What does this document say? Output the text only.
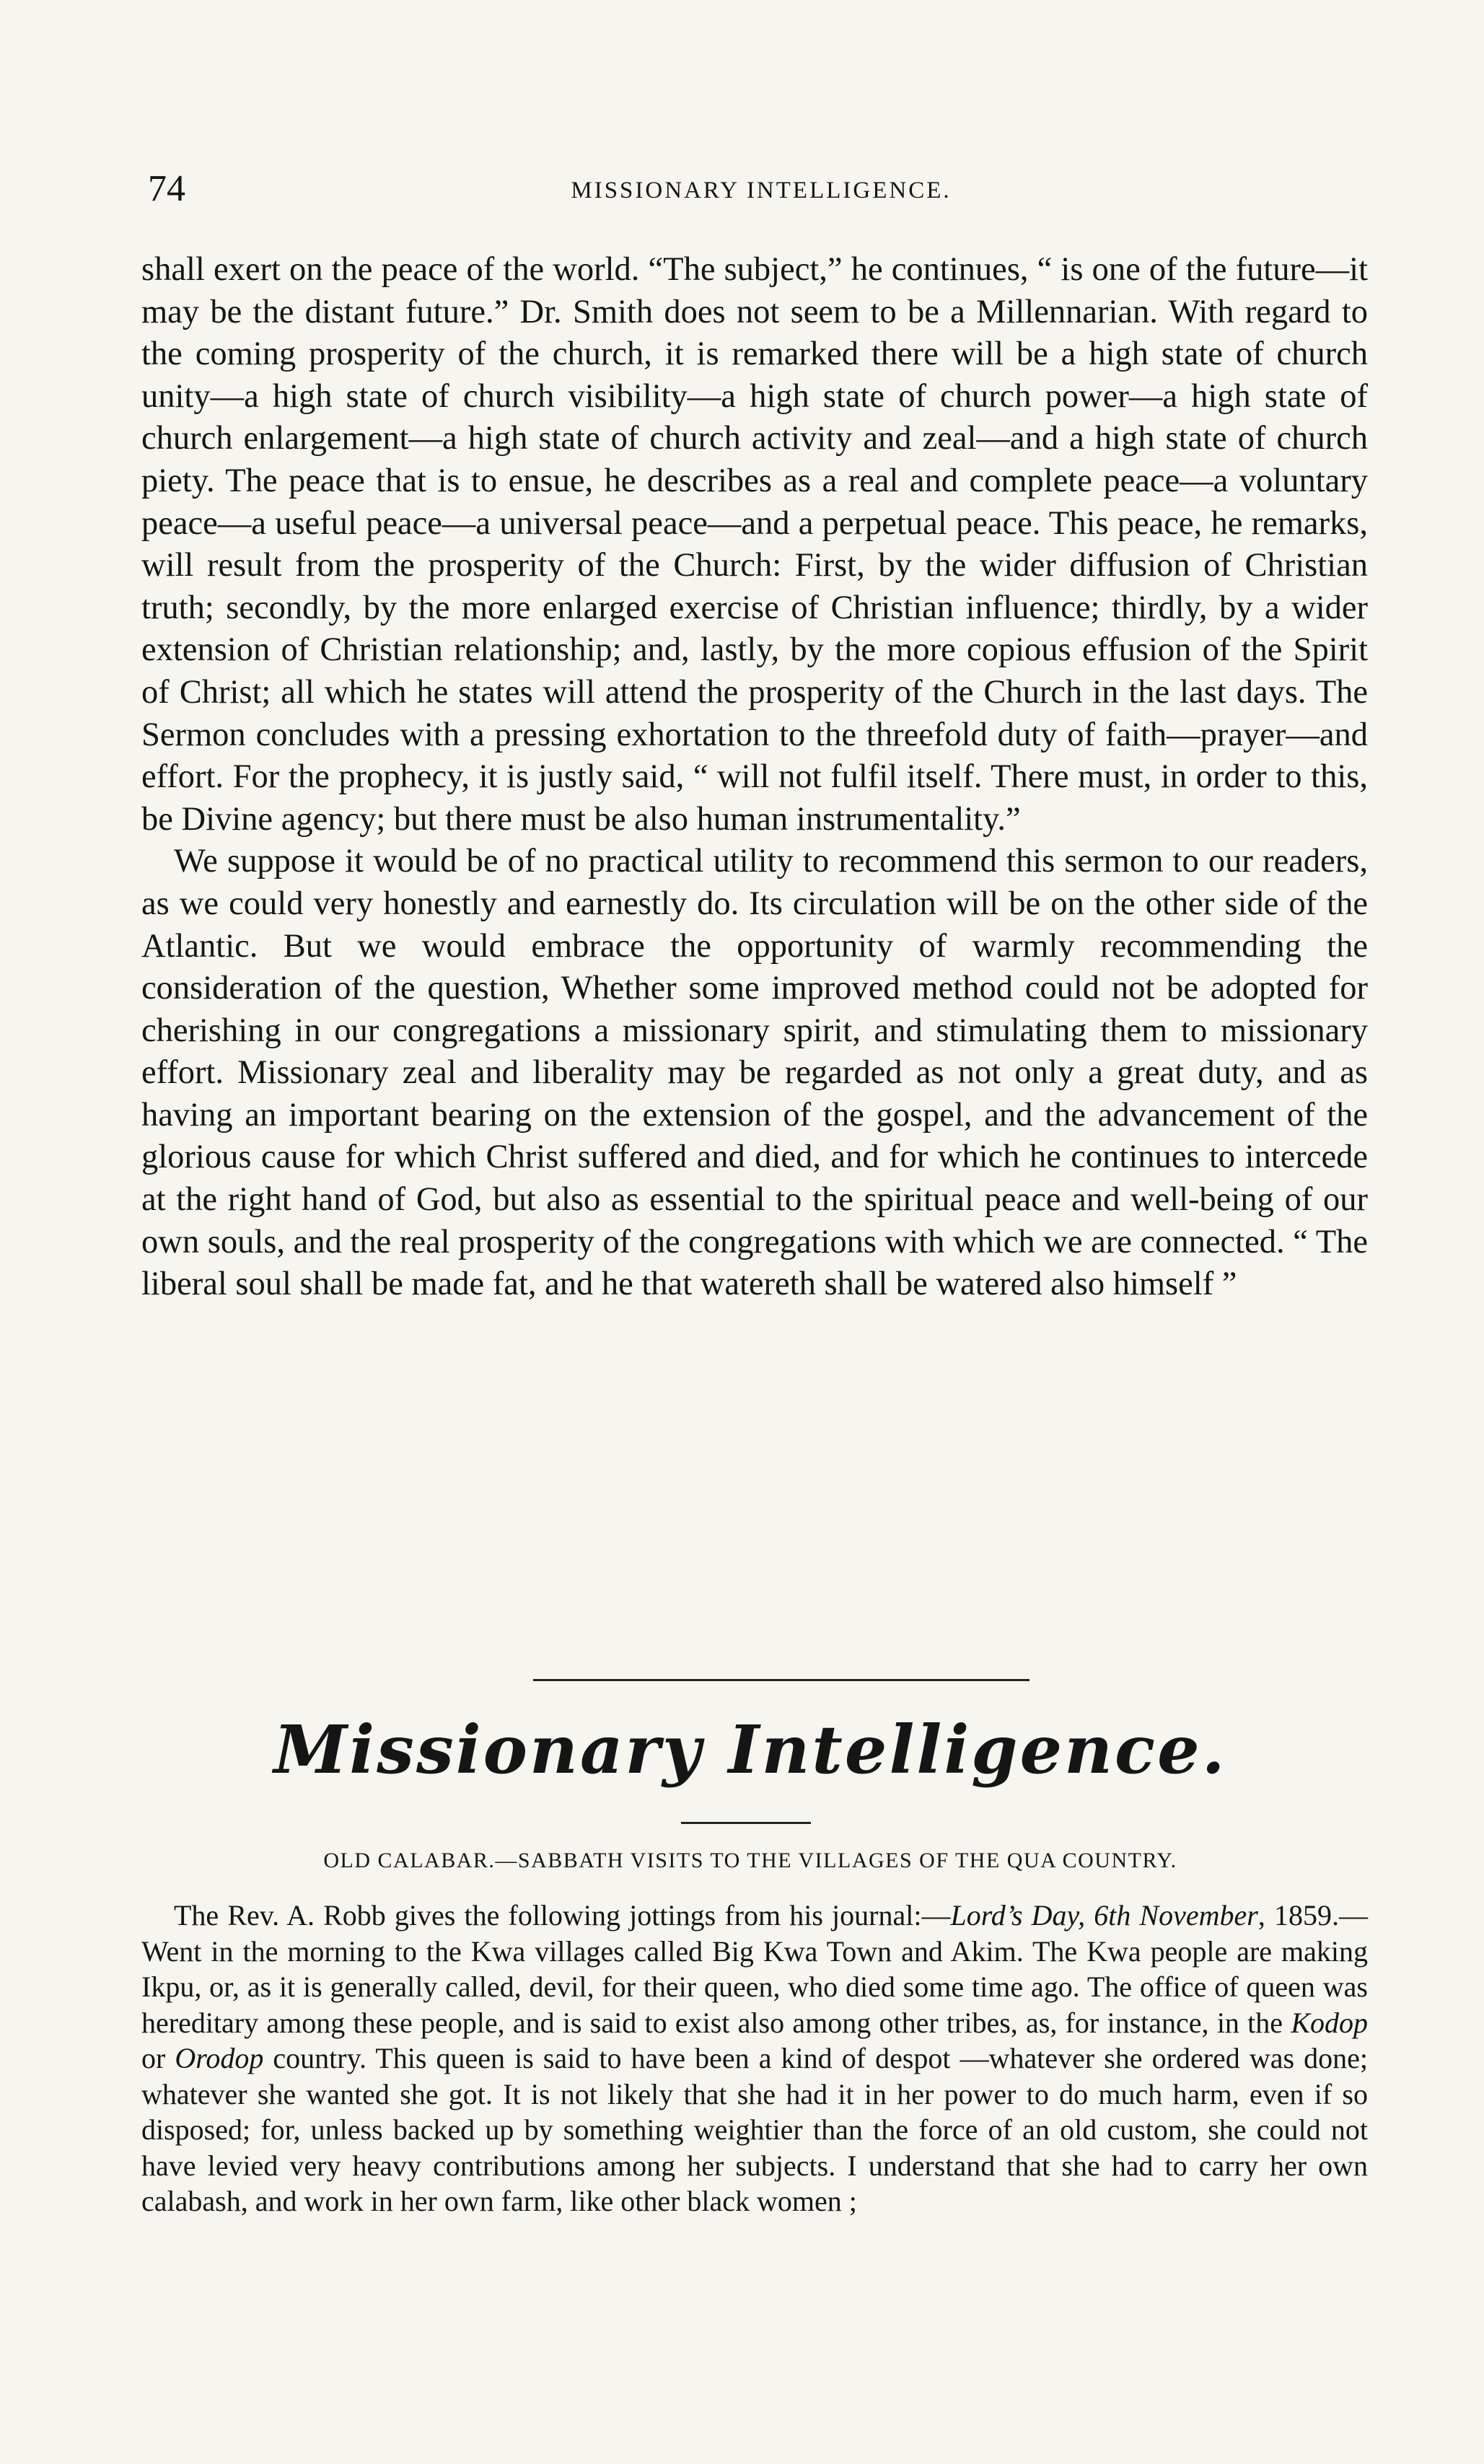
74	MISSIONARY INTELLIGENCE.

shall exert on the peace of the world. “The subject,” he continues, “ is one of the future—it may be the distant future.” Dr. Smith does not seem to be a Millennarian. With regard to the coming prosperity of the church, it is remarked there will be a high state of church unity—a high state of church visibility—a high state of church power—a high state of church enlargement—a high state of church activity and zeal—and a high state of church piety. The peace that is to ensue, he describes as a real and complete peace—a voluntary peace—a useful peace—a universal peace—and a perpetual peace. This peace, he remarks, will result from the prosperity of the Church: First, by the wider diffusion of Christian truth; secondly, by the more enlarged exercise of Christian influence; thirdly, by a wider extension of Christian relationship; and, lastly, by the more copious effusion of the Spirit of Christ; all which he states will attend the prosperity of the Church in the last days. The Sermon concludes with a pressing exhortation to the threefold duty of faith—prayer—and effort. For the prophecy, it is justly said, “ will not fulfil itself. There must, in order to this, be Divine agency; but there must be also human instrumentality.”

We suppose it would be of no practical utility to recommend this sermon to our readers, as we could very honestly and earnestly do. Its circulation will be on the other side of the Atlantic. But we would embrace the opportunity of warmly recommending the consideration of the question, Whether some improved method could not be adopted for cherishing in our congregations a missionary spirit, and stimulating them to missionary effort. Missionary zeal and liberality may be regarded as not only a great duty, and as having an important bearing on the extension of the gospel, and the advancement of the glorious cause for which Christ suffered and died, and for which he continues to intercede at the right hand of God, but also as essential to the spiritual peace and well-being of our own souls, and the real prosperity of the congregations with which we are connected. “ The liberal soul shall be made fat, and he that watereth shall be watered also himself ”

Missionary Intelligence.
OLD CALABAR.—SABBATH VISITS TO THE VILLAGES OF THE QUA COUNTRY.

The Rev. A. Robb gives the following jottings from his journal:—Lord’s Day, 6th November, 1859.—Went in the morning to the Kwa villages called Big Kwa Town and Akim. The Kwa people are making Ikpu, or, as it is generally called, devil, for their queen, who died some time ago. The office of queen was hereditary among these people, and is said to exist also among other tribes, as, for instance, in the Kodop or Orodop country. This queen is said to have been a kind of despot —whatever she ordered was done; whatever she wanted she got. It is not likely that she had it in her power to do much harm, even if so disposed; for, unless backed up by something weightier than the force of an old custom, she could not have levied very heavy contributions among her subjects. I understand that she had to carry her own calabash, and work in her own farm, like other black women ;
